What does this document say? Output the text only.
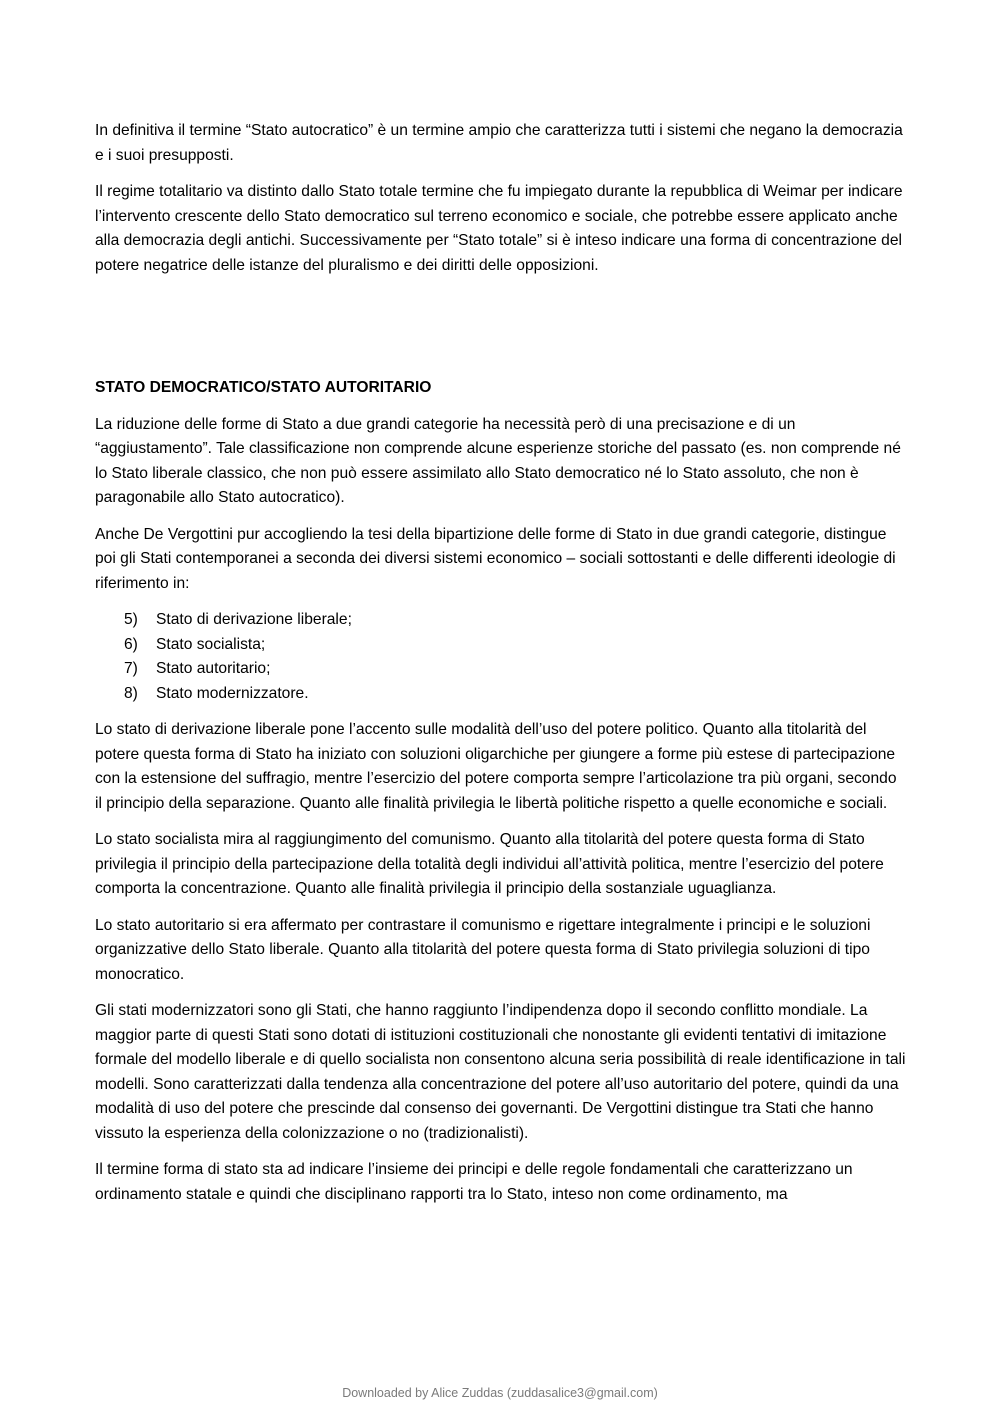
In definitiva il termine “Stato autocratico” è un termine ampio che caratterizza tutti i sistemi che negano la democrazia e i suoi presupposti.

Il regime totalitario va distinto dallo Stato totale termine che fu impiegato durante la repubblica di Weimar per indicare l’intervento crescente dello Stato democratico sul terreno economico e sociale, che potrebbe essere applicato anche alla democrazia degli antichi. Successivamente per “Stato totale” si è inteso indicare una forma di concentrazione del potere negatrice delle istanze del pluralismo e dei diritti delle opposizioni.

STATO DEMOCRATICO/STATO AUTORITARIO

La riduzione delle forme di Stato a due grandi categorie ha necessità però di una precisazione e di un “aggiustamento”. Tale classificazione non comprende alcune esperienze storiche del passato (es. non comprende né lo Stato liberale classico, che non può essere assimilato allo Stato democratico né lo Stato assoluto, che non è paragonabile allo Stato autocratico).

Anche De Vergottini pur accogliendo la tesi della bipartizione delle forme di Stato in due grandi categorie, distingue poi gli Stati contemporanei a seconda dei diversi sistemi economico – sociali sottostanti e delle differenti ideologie di riferimento in:

5) Stato di derivazione liberale;
6) Stato socialista;
7) Stato autoritario;
8) Stato modernizzatore.

Lo stato di derivazione liberale pone l’accento sulle modalità dell’uso del potere politico. Quanto alla titolarità del potere questa forma di Stato ha iniziato con soluzioni oligarchiche per giungere a forme più estese di partecipazione con la estensione del suffragio, mentre l’esercizio del potere comporta sempre l’articolazione tra più organi, secondo il principio della separazione. Quanto alle finalità privilegia le libertà politiche rispetto a quelle economiche e sociali.

Lo stato socialista mira al raggiungimento del comunismo. Quanto alla titolarità del potere questa forma di Stato privilegia il principio della partecipazione della totalità degli individui all’attività politica, mentre l’esercizio del potere comporta la concentrazione. Quanto alle finalità privilegia il principio della sostanziale uguaglianza.

Lo stato autoritario si era affermato per contrastare il comunismo e rigettare integralmente i principi e le soluzioni organizzative dello Stato liberale. Quanto alla titolarità del potere questa forma di Stato privilegia soluzioni di tipo monocratico.

Gli stati modernizzatori sono gli Stati, che hanno raggiunto l’indipendenza dopo il secondo conflitto mondiale. La maggior parte di questi Stati sono dotati di istituzioni costituzionali che nonostante gli evidenti tentativi di imitazione formale del modello liberale e di quello socialista non consentono alcuna seria possibilità di reale identificazione in tali modelli. Sono caratterizzati dalla tendenza alla concentrazione del potere all’uso autoritario del potere, quindi da una modalità di uso del potere che prescinde dal consenso dei governanti. De Vergottini distingue tra Stati che hanno vissuto la esperienza della colonizzazione o no (tradizionalisti).

Il termine forma di stato sta ad indicare l’insieme dei principi e delle regole fondamentali che caratterizzano un ordinamento statale e quindi che disciplinano rapporti tra lo Stato, inteso non come ordinamento, ma

Downloaded by Alice Zuddas (zuddasalice3@gmail.com)
